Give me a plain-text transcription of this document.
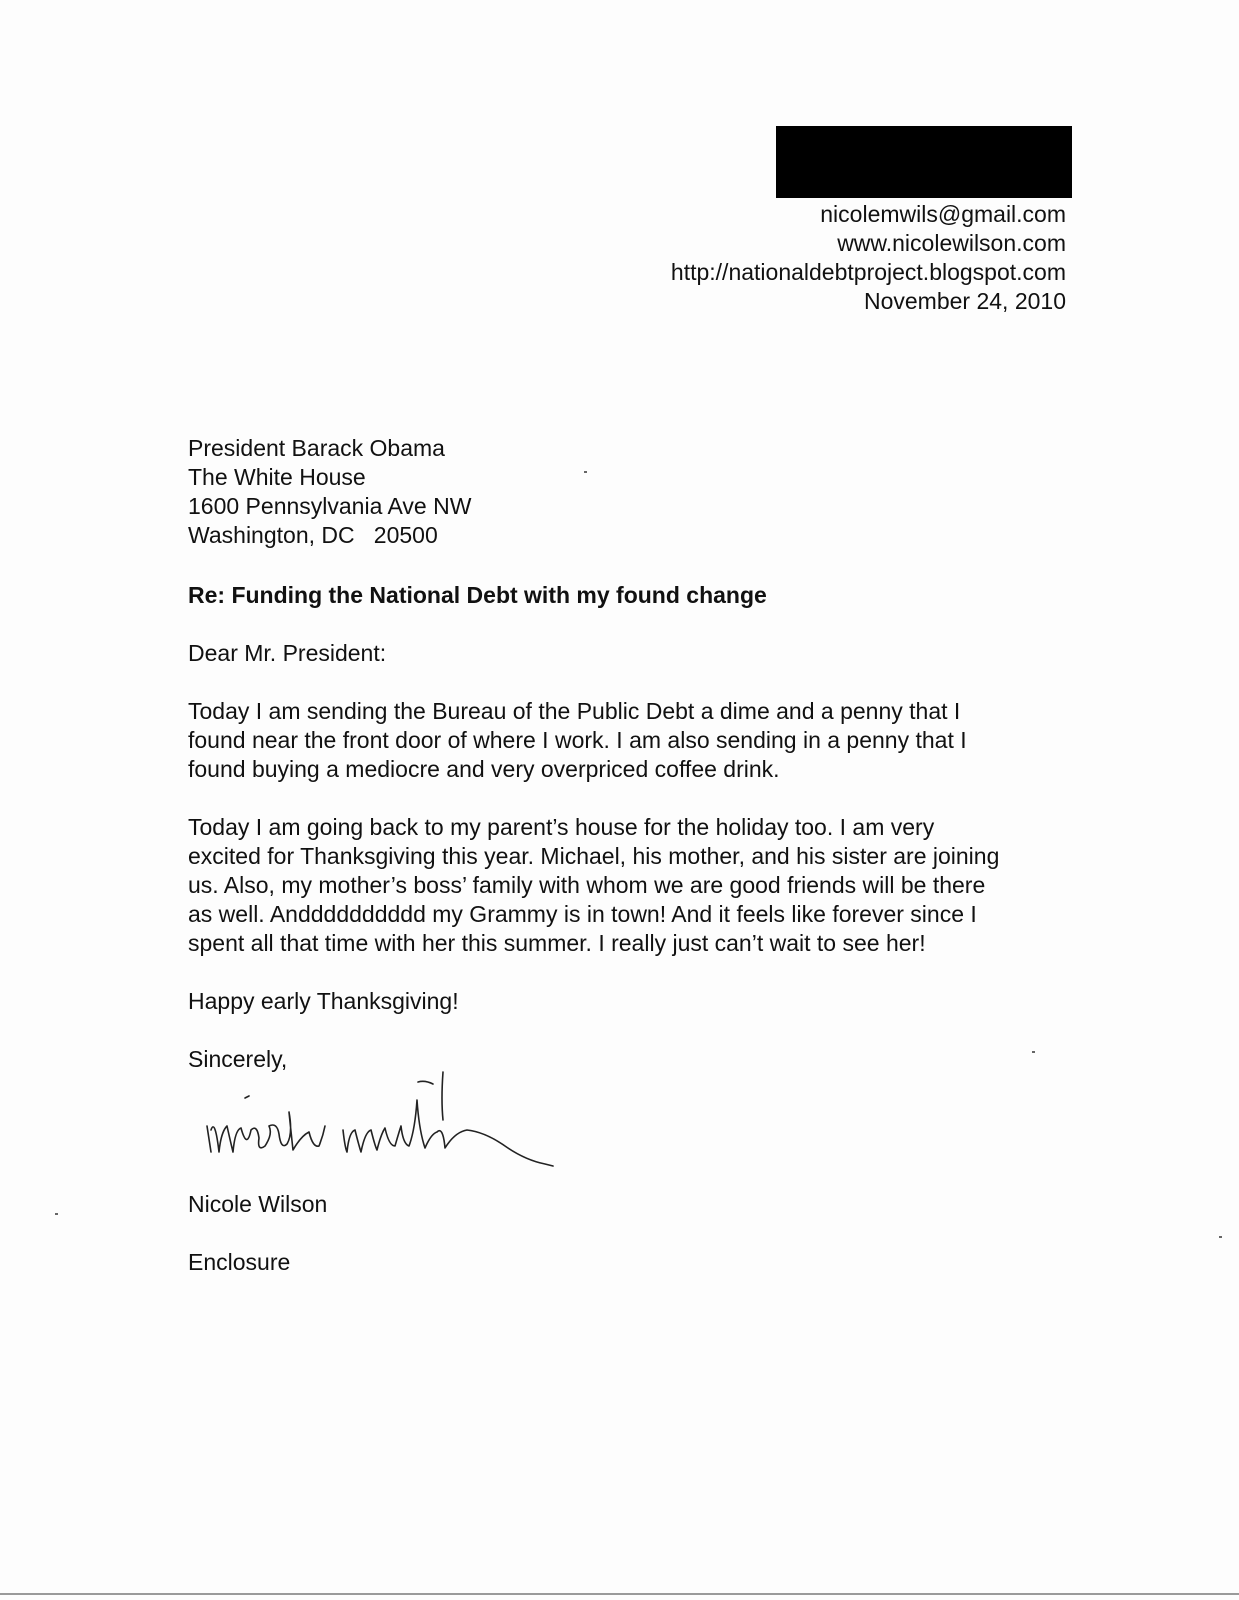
nicolemwils@gmail.com
www.nicolewilson.com
http://nationaldebtproject.blogspot.com
November 24, 2010
President Barack Obama
The White House
1600 Pennsylvania Ave NW
Washington, DC   20500
Re: Funding the National Debt with my found change
Dear Mr. President:
Today I am sending the Bureau of the Public Debt a dime and a penny that I
found near the front door of where I work. I am also sending in a penny that I
found buying a mediocre and very overpriced coffee drink.
Today I am going back to my parent’s house for the holiday too. I am very
excited for Thanksgiving this year. Michael, his mother, and his sister are joining
us. Also, my mother’s boss’ family with whom we are good friends will be there
as well. Andddddddddd my Grammy is in town! And it feels like forever since I
spent all that time with her this summer. I really just can’t wait to see her!
Happy early Thanksgiving!
Sincerely,
Nicole Wilson
Enclosure
